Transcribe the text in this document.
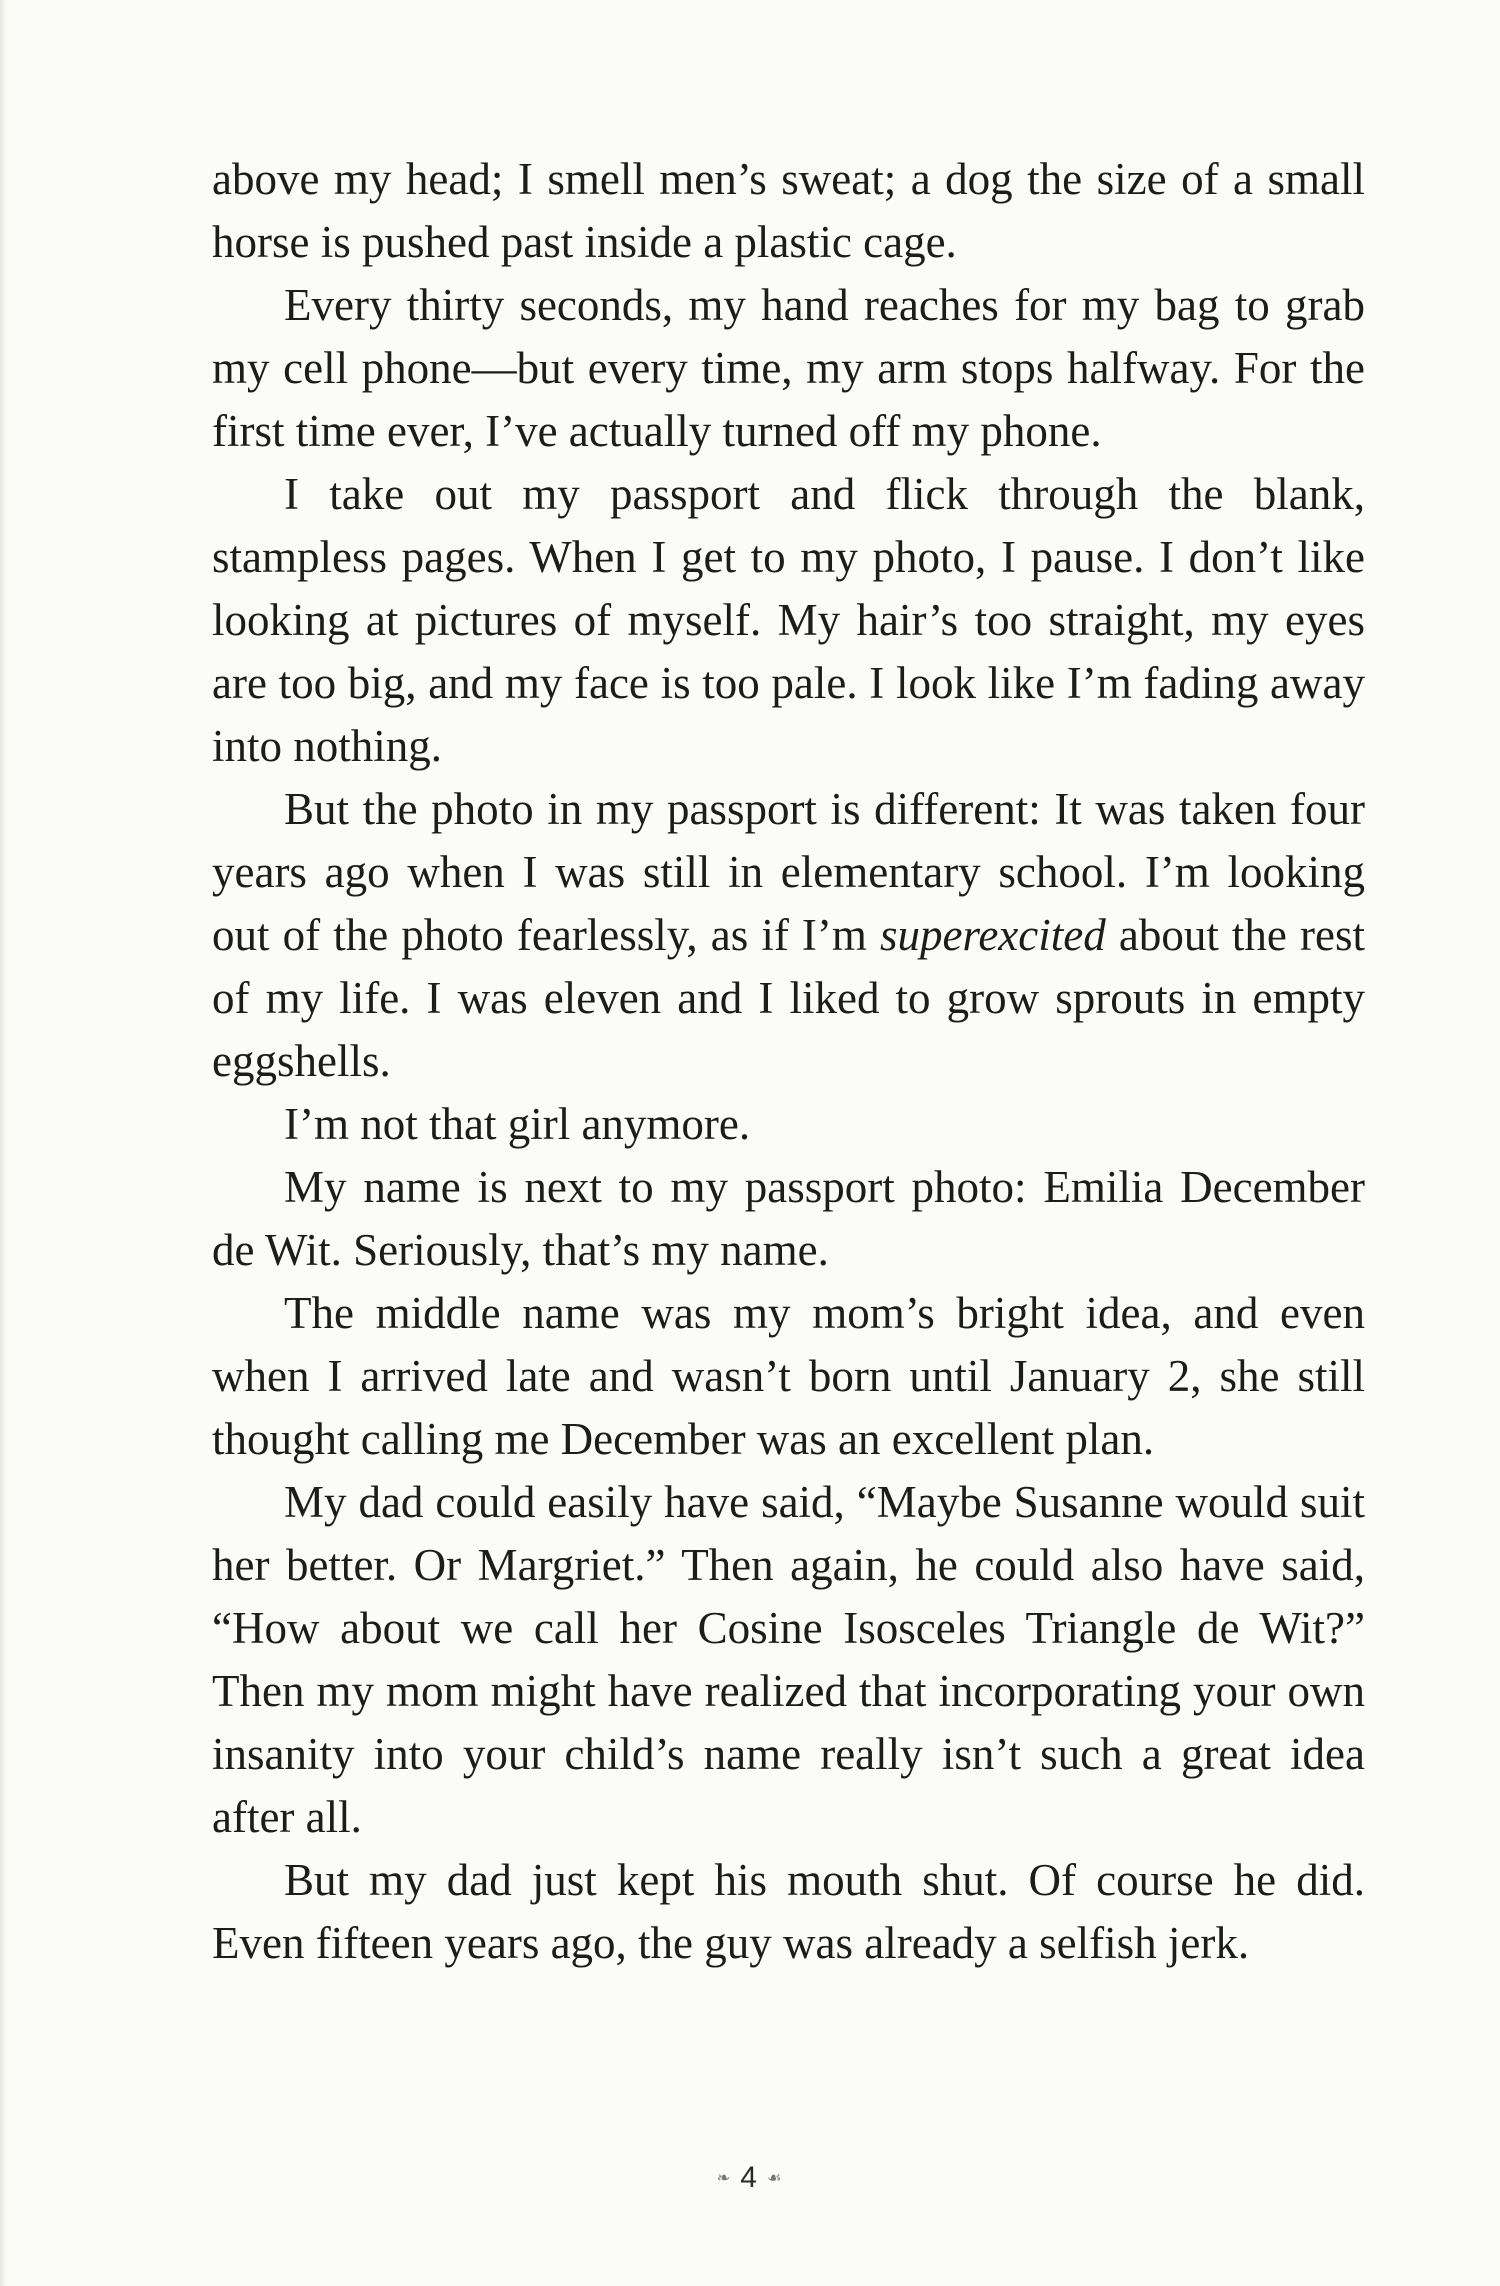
above my head; I smell men’s sweat; a dog the size of a small horse is pushed past inside a plastic cage.

Every thirty seconds, my hand reaches for my bag to grab my cell phone—but every time, my arm stops halfway. For the first time ever, I’ve actually turned off my phone.

I take out my passport and flick through the blank, stampless pages. When I get to my photo, I pause. I don’t like looking at pictures of myself. My hair’s too straight, my eyes are too big, and my face is too pale. I look like I’m fading away into nothing.

But the photo in my passport is different: It was taken four years ago when I was still in elementary school. I’m looking out of the photo fearlessly, as if I’m superexcited about the rest of my life. I was eleven and I liked to grow sprouts in empty eggshells.

I’m not that girl anymore.

My name is next to my passport photo: Emilia December de Wit. Seriously, that’s my name.

The middle name was my mom’s bright idea, and even when I arrived late and wasn’t born until January 2, she still thought calling me December was an excellent plan.

My dad could easily have said, “Maybe Susanne would suit her better. Or Margriet.” Then again, he could also have said, “How about we call her Cosine Isosceles Triangle de Wit?” Then my mom might have realized that incorporating your own insanity into your child’s name really isn’t such a great idea after all.

But my dad just kept his mouth shut. Of course he did. Even fifteen years ago, the guy was already a selfish jerk.

❧ 4 ☙
